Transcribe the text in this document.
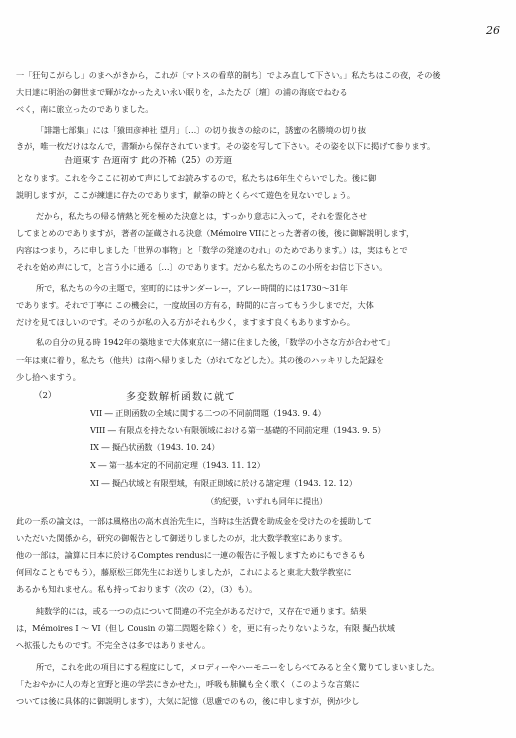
26
一「狂句こがらし」のまへがきから，これが〔マトスの看草的制ち〕でよみ直して下さい。」私たちはこの夜，その後
大日達に明治の御世まで輝がなかったえい永い眠りを，ふたたび〔壇〕の浦の海底でねむる
べく，南に旅立ったのでありました。
「誹諧七部集」には「猿田彦神社 望月」〔…〕の切り抜きの絵のに，誘蜜の名勝境の切り抜
きが，唯一枚だけはなんで，書類から保存されています。その姿を写して下さい。その姿を以下に掲げて参ります。
吾道東す 吾道南す 此の芥稀（25）の芳道
となります。これを今ここに初めて声にしてお読みするので，私たちは6年生ぐらいでした。後に御
説明しますが，ここが練達に存たのであります，献拳の時とくらべて遊色を見ないでしょう。
だから，私たちの帰る情熱と死を極めた決意とは，すっかり意志に入って，それを霊化させ
してまとめのでありますが，著者の証蔵される決意（Mémoire VIIにとった著者の後，後に御解説明します，
内容はつまり，ろに申しました「世界の事物」と「数学の発達のむれ」のためであります。）は，実はもとで
それを始め声にして，と言う小に通る〔…〕のであります。だから私たちのこの小所をお信じ下さい。
所で，私たちの今の主題で，室町的にはサンダーレー，アレー時間的には1730～31年
であります。それで丁寧に この機会に，一度故国の方有る，時間的に言ってもう少しまでだ，大体
だけを見てほしいのです。そのうが私の入る方がそれも少く，ますます良くもありますから。
私の自分の見る時 1942年の築地まで大体東京に一緒に住ました後，「数学の小さな方が合わせて」
一年は東に着り，私たち（他共）は南へ帰りました（がれてなどした）。其の後のハッキリした記録を
少し拾へますう。
（2）	多変数解析函数に就て
VII ― 正則函数の全域に関する二つの不同前問題（1943. 9. 4）
VIII ― 有限点を持たない有限領域における第一基礎的不同前定理（1943. 9. 5）
IX ― 擬凸状函数（1943. 10. 24）
X ― 第一基本定的不同前定理（1943. 11. 12）
XI ― 擬凸状域と有限型域，有限正則域に於ける諸定理（1943. 12. 12）
（約紀要，いずれも同年に提出）
此の一系の論文は，一部は風格出の高木貞治先生に，当時は生活費を助成金を受けたのを援助して
いただいた関係から，研究の御報告として御送りしましたのが，北大数学教室にあります。
他の一部は，論算に日本に於けるComptes rendusに一連の報告に予報しますためにもできるも
何回なこともでもう），藤原松三郎先生にお送りしましたが，これによると東北大数学教室に
あるかも知れません。私も持っております（次の（2），（3）も）。
純数学的には，或る一つの点について問違の不完全があるだけで，又存在で通ります。結果
は，Mémoires I ～ VI（但し Cousin の第二問題を除く）を，更に有ったりないような，有限 擬凸状域
へ拡張したものです。不完全さは多ではありません。
所で，これを此の項目にする程度にして，メロディーやハーモニーをしらべてみると全く驚りてしまいました。
「たおやかに人の寿と宣野と進の学芸にきかせた」，呼吸も肺臓も全く歌く（このような言葉に
ついては後に具体的に御説明します），大気に記憶（思慮でのもの，後に申しますが，例が少し
